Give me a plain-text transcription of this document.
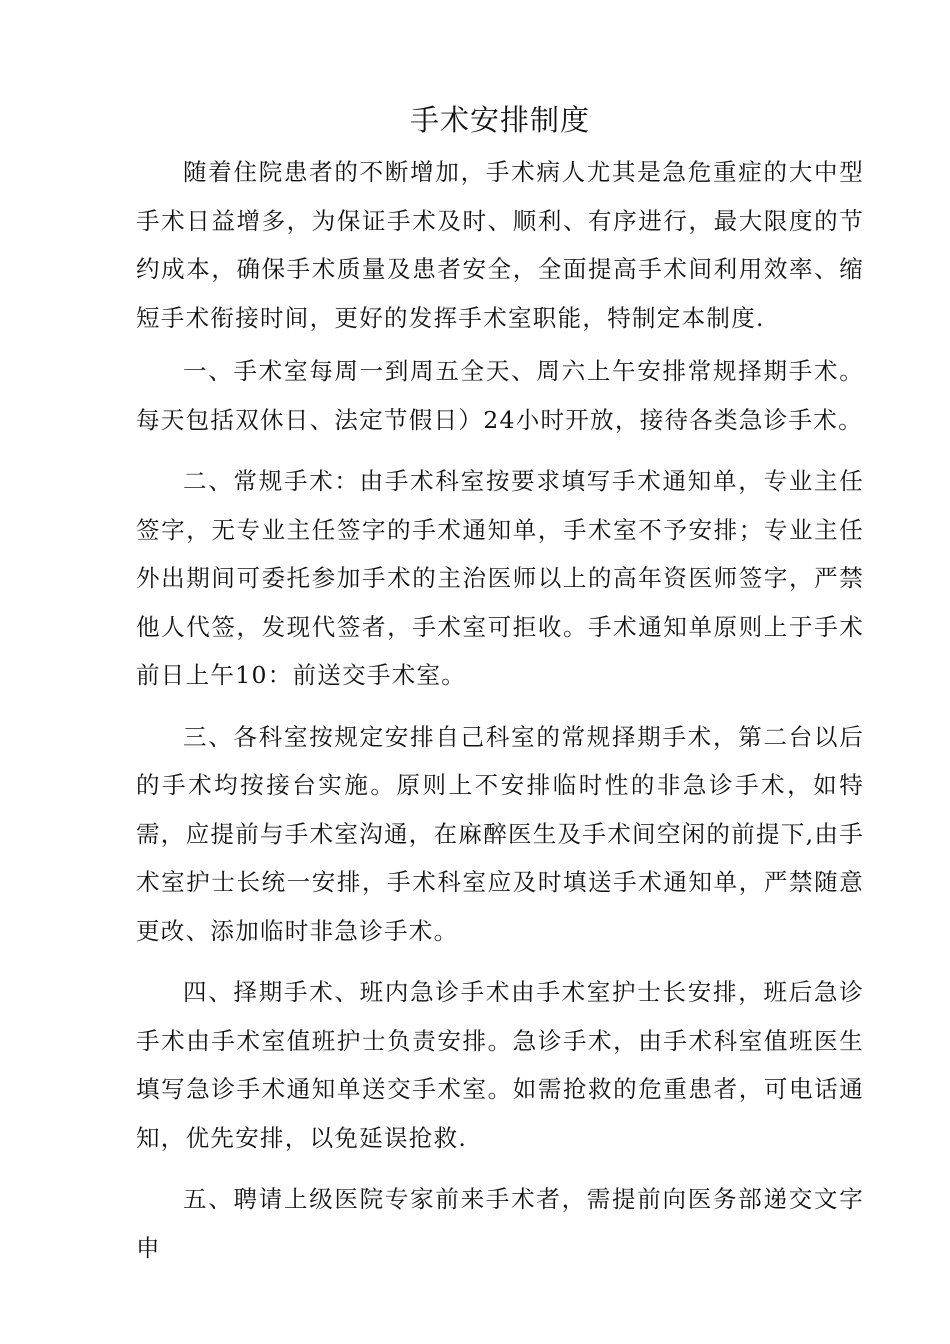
手术安排制度

随着住院患者的不断增加，手术病人尤其是急危重症的大中型手术日益增多，为保证手术及时、顺利、有序进行，最大限度的节约成本，确保手术质量及患者安全，全面提高手术间利用效率、缩短手术衔接时间，更好的发挥手术室职能，特制定本制度.

一、手术室每周一到周五全天、周六上午安排常规择期手术。每天包括双休日、法定节假日）24小时开放，接待各类急诊手术。

二、常规手术：由手术科室按要求填写手术通知单，专业主任签字，无专业主任签字的手术通知单，手术室不予安排；专业主任外出期间可委托参加手术的主治医师以上的高年资医师签字，严禁他人代签，发现代签者，手术室可拒收。手术通知单原则上于手术前日上午10：前送交手术室。

三、各科室按规定安排自己科室的常规择期手术，第二台以后的手术均按接台实施。原则上不安排临时性的非急诊手术，如特需，应提前与手术室沟通，在麻醉医生及手术间空闲的前提下,由手术室护士长统一安排，手术科室应及时填送手术通知单，严禁随意更改、添加临时非急诊手术。

四、择期手术、班内急诊手术由手术室护士长安排，班后急诊手术由手术室值班护士负责安排。急诊手术，由手术科室值班医生填写急诊手术通知单送交手术室。如需抢救的危重患者，可电话通知，优先安排，以免延误抢救.

五、聘请上级医院专家前来手术者，需提前向医务部递交文字申
